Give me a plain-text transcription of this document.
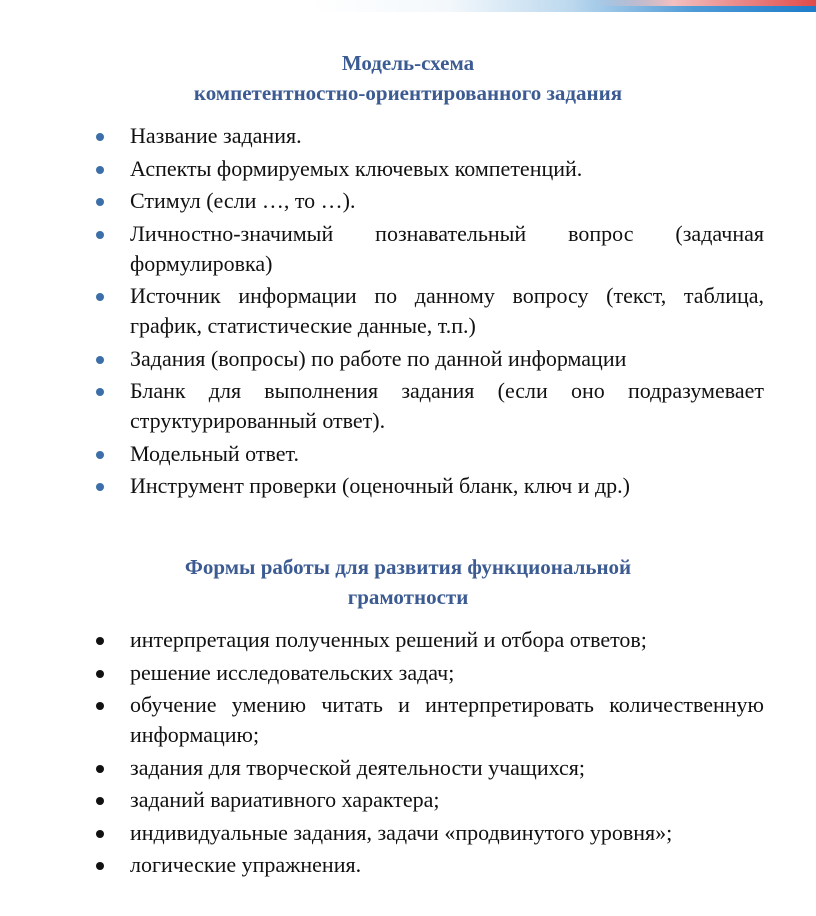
Модель-схема
компетентностно-ориентированного задания
Название задания.
Аспекты формируемых ключевых компетенций.
Стимул (если …, то …).
Личностно-значимый познавательный вопрос (задачная формулировка)
Источник информации по данному вопросу (текст, таблица, график, статистические данные, т.п.)
Задания (вопросы) по работе по данной информации
Бланк для выполнения задания (если оно подразумевает структурированный ответ).
Модельный ответ.
Инструмент проверки (оценочный бланк, ключ и др.)
Формы работы для развития функциональной
грамотности
интерпретация полученных решений и отбора ответов;
решение исследовательских задач;
обучение умению читать и интерпретировать количественную информацию;
задания для творческой деятельности учащихся;
заданий вариативного характера;
индивидуальные задания, задачи «продвинутого уровня»;
логические упражнения.
